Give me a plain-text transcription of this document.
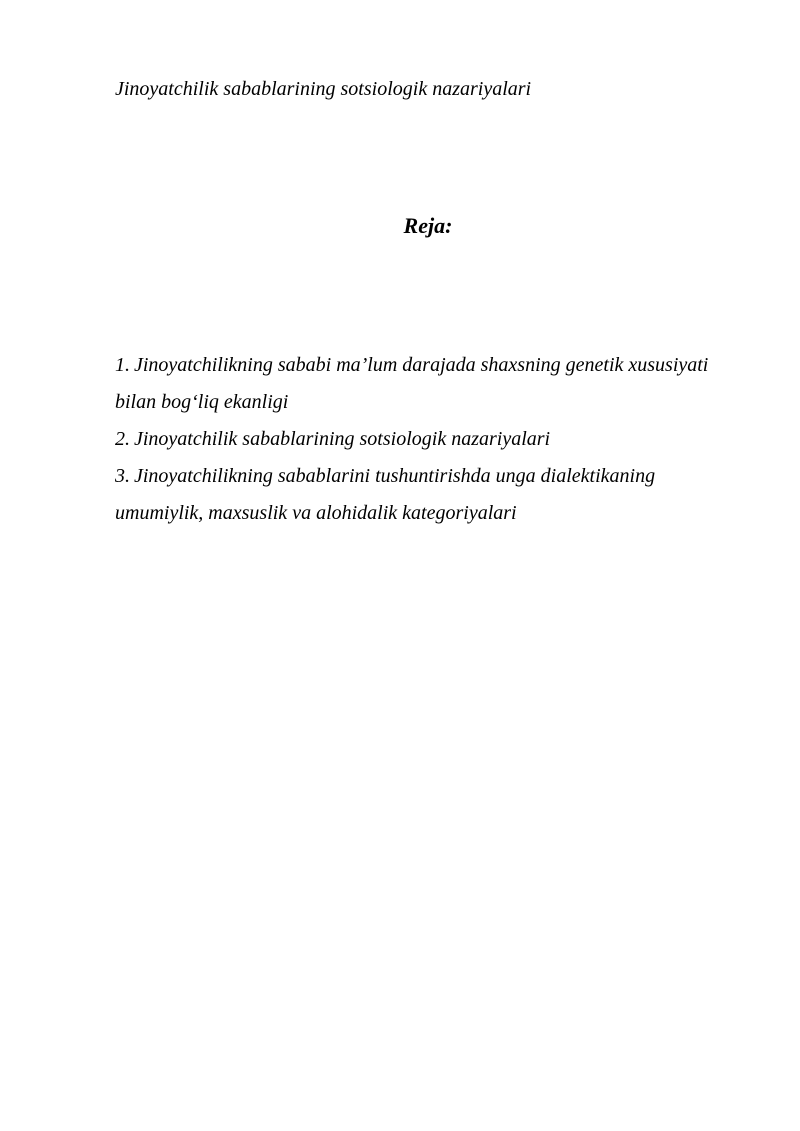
Jinoyatchilik sabablarining sotsiologik nazariyalari
Reja:
1. Jinoyatchilikning sababi ma’lum darajada shaxsning genetik xususiyati bilan bog‘liq ekanligi
2. Jinoyatchilik sabablarining sotsiologik nazariyalari
3. Jinoyatchilikning sabablarini tushuntirishda unga dialektikaning umumiylik, maxsuslik va alohidalik kategoriyalari
